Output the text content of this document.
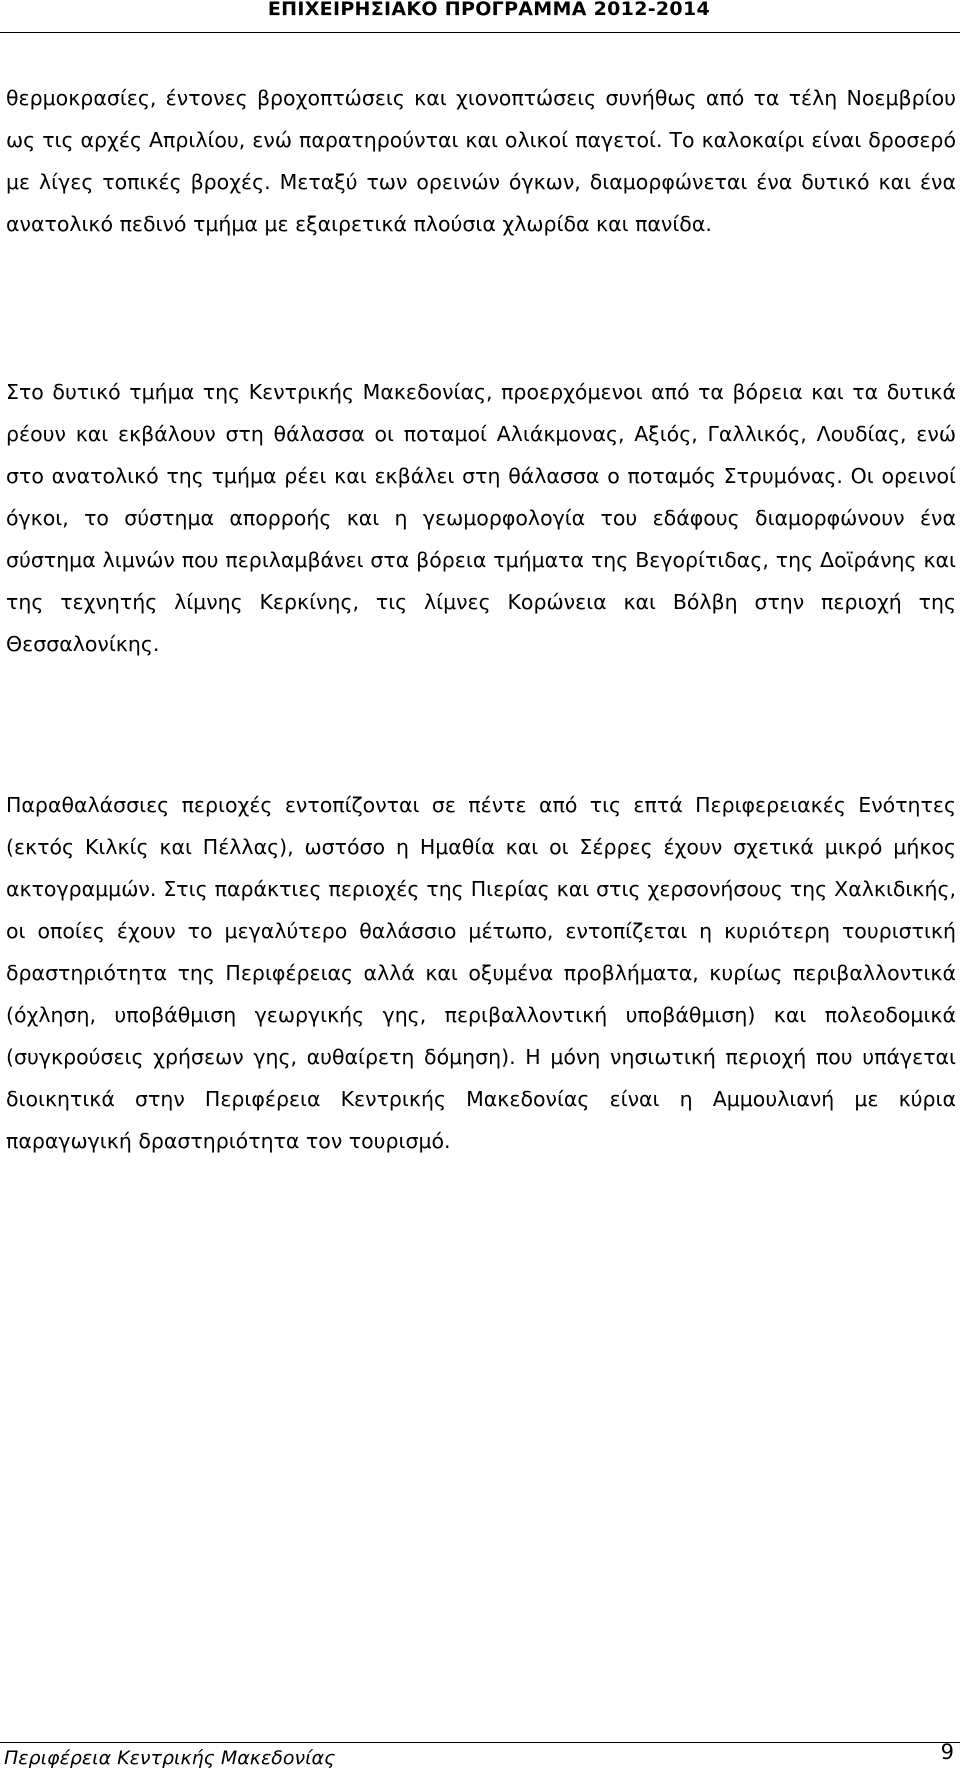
ΕΠΙΧΕΙΡΗΣΙΑΚΟ ΠΡΟΓΡΑΜΜΑ 2012-2014

θερμοκρασίες, έντονες βροχοπτώσεις και χιονοπτώσεις συνήθως από τα τέλη Νοεμβρίου ως τις αρχές Απριλίου, ενώ παρατηρούνται και ολικοί παγετοί. Το καλοκαίρι είναι δροσερό με λίγες τοπικές βροχές. Μεταξύ των ορεινών όγκων, διαμορφώνεται ένα δυτικό και ένα ανατολικό πεδινό τμήμα με εξαιρετικά πλούσια χλωρίδα και πανίδα.

Στο δυτικό τμήμα της Κεντρικής Μακεδονίας, προερχόμενοι από τα βόρεια και τα δυτικά ρέουν και εκβάλουν στη θάλασσα οι ποταμοί Αλιάκμονας, Αξιός, Γαλλικός, Λουδίας, ενώ στο ανατολικό της τμήμα ρέει και εκβάλει στη θάλασσα ο ποταμός Στρυμόνας. Οι ορεινοί όγκοι, το σύστημα απορροής και η γεωμορφολογία του εδάφους διαμορφώνουν ένα σύστημα λιμνών που περιλαμβάνει στα βόρεια τμήματα της Βεγορίτιδας, της Δοϊράνης και της τεχνητής λίμνης Κερκίνης, τις λίμνες Κορώνεια και Βόλβη στην περιοχή της Θεσσαλονίκης.

Παραθαλάσσιες περιοχές εντοπίζονται σε πέντε από τις επτά Περιφερειακές Ενότητες (εκτός Κιλκίς και Πέλλας), ωστόσο η Ημαθία και οι Σέρρες έχουν σχετικά μικρό μήκος ακτογραμμών. Στις παράκτιες περιοχές της Πιερίας και στις χερσονήσους της Χαλκιδικής, οι οποίες έχουν το μεγαλύτερο θαλάσσιο μέτωπο, εντοπίζεται η κυριότερη τουριστική δραστηριότητα της Περιφέρειας αλλά και οξυμένα προβλήματα, κυρίως περιβαλλοντικά (όχληση, υποβάθμιση γεωργικής γης, περιβαλλοντική υποβάθμιση) και πολεοδομικά (συγκρούσεις χρήσεων γης, αυθαίρετη δόμηση). Η μόνη νησιωτική περιοχή που υπάγεται διοικητικά στην Περιφέρεια Κεντρικής Μακεδονίας είναι η Αμμουλιανή με κύρια παραγωγική δραστηριότητα τον τουρισμό.

Περιφέρεια Κεντρικής Μακεδονίας	9
